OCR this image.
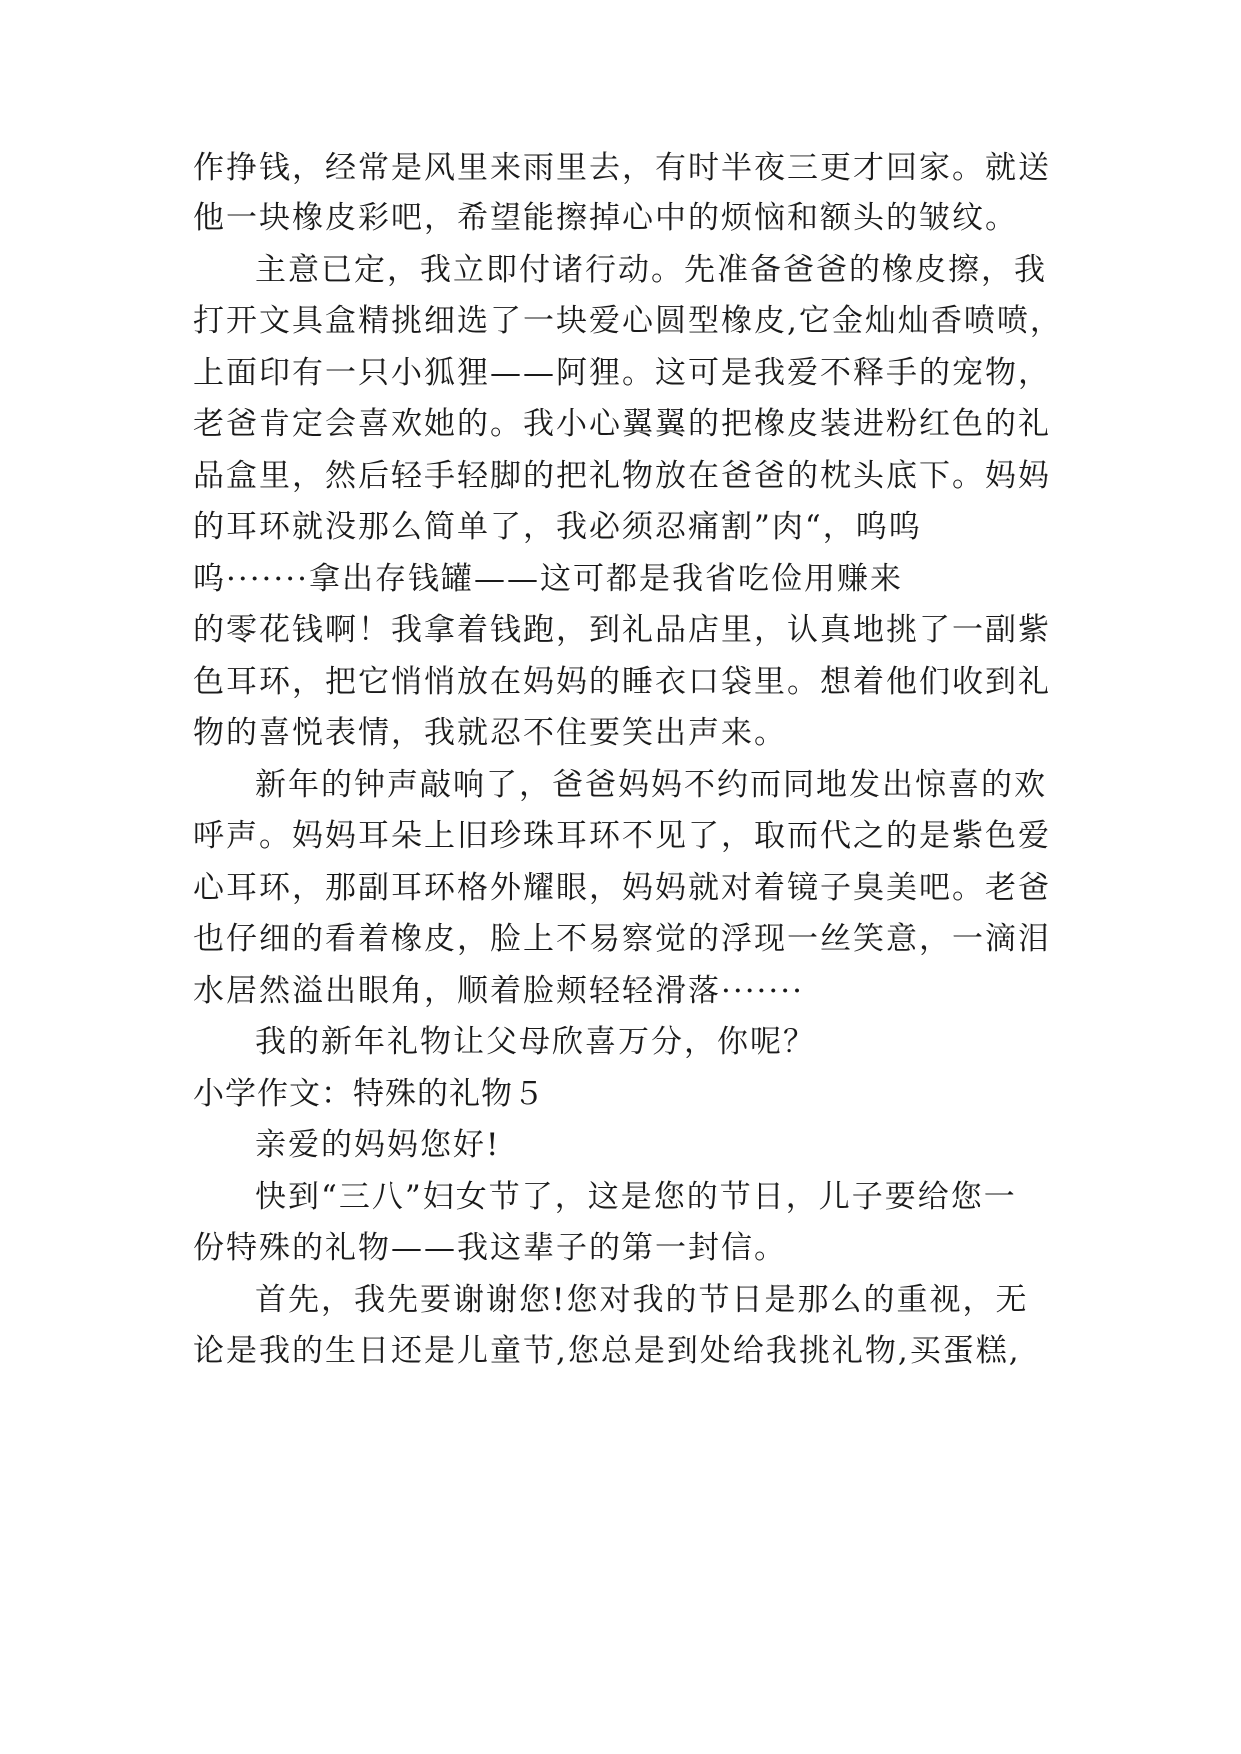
作挣钱，经常是风里来雨里去，有时半夜三更才回家。就送
他一块橡皮彩吧，希望能擦掉心中的烦恼和额头的皱纹。
主意已定，我立即付诸行动。先准备爸爸的橡皮擦，我
打开文具盒精挑细选了一块爱心圆型橡皮,它金灿灿香喷喷，
上面印有一只小狐狸——阿狸。这可是我爱不释手的宠物，
老爸肯定会喜欢她的。我小心翼翼的把橡皮装进粉红色的礼
品盒里，然后轻手轻脚的把礼物放在爸爸的枕头底下。妈妈
的耳环就没那么简单了，我必须忍痛割”肉“，呜呜
呜·······拿出存钱罐——这可都是我省吃俭用赚来
的零花钱啊！我拿着钱跑，到礼品店里，认真地挑了一副紫
色耳环，把它悄悄放在妈妈的睡衣口袋里。想着他们收到礼
物的喜悦表情，我就忍不住要笑出声来。
新年的钟声敲响了，爸爸妈妈不约而同地发出惊喜的欢
呼声。妈妈耳朵上旧珍珠耳环不见了，取而代之的是紫色爱
心耳环，那副耳环格外耀眼，妈妈就对着镜子臭美吧。老爸
也仔细的看着橡皮，脸上不易察觉的浮现一丝笑意，一滴泪
水居然溢出眼角，顺着脸颊轻轻滑落·······
我的新年礼物让父母欣喜万分，你呢？
小学作文：特殊的礼物５
亲爱的妈妈您好!
快到“三八”妇女节了，这是您的节日，儿子要给您一
份特殊的礼物——我这辈子的第一封信。
首先，我先要谢谢您!您对我的节日是那么的重视，无
论是我的生日还是儿童节,您总是到处给我挑礼物,买蛋糕,
